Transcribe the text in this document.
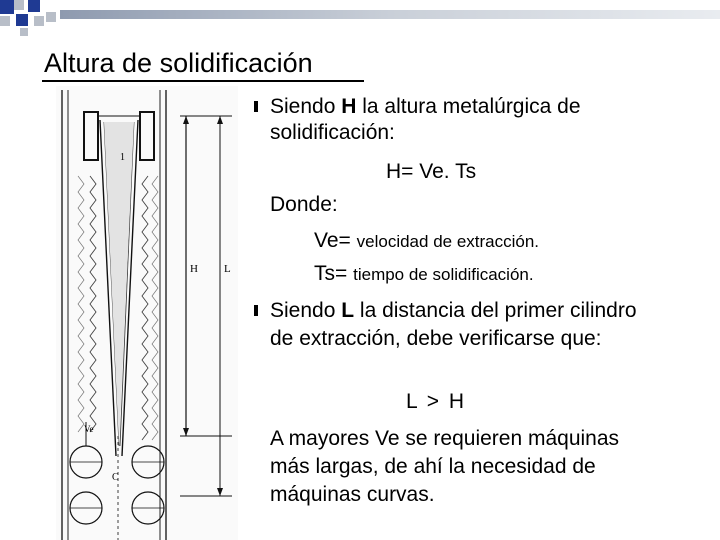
Altura de solidificación
H L
1
Ve
C
Siendo H la altura metalúrgica de
solidificación:
H= Ve. Ts
Donde:
Ve= velocidad de extracción.
Ts= tiempo de solidificación.
Siendo L la distancia del primer cilindro
de extracción, debe verificarse que:
L > H
A mayores Ve se requieren máquinas
más largas, de ahí la necesidad de
máquinas curvas.
